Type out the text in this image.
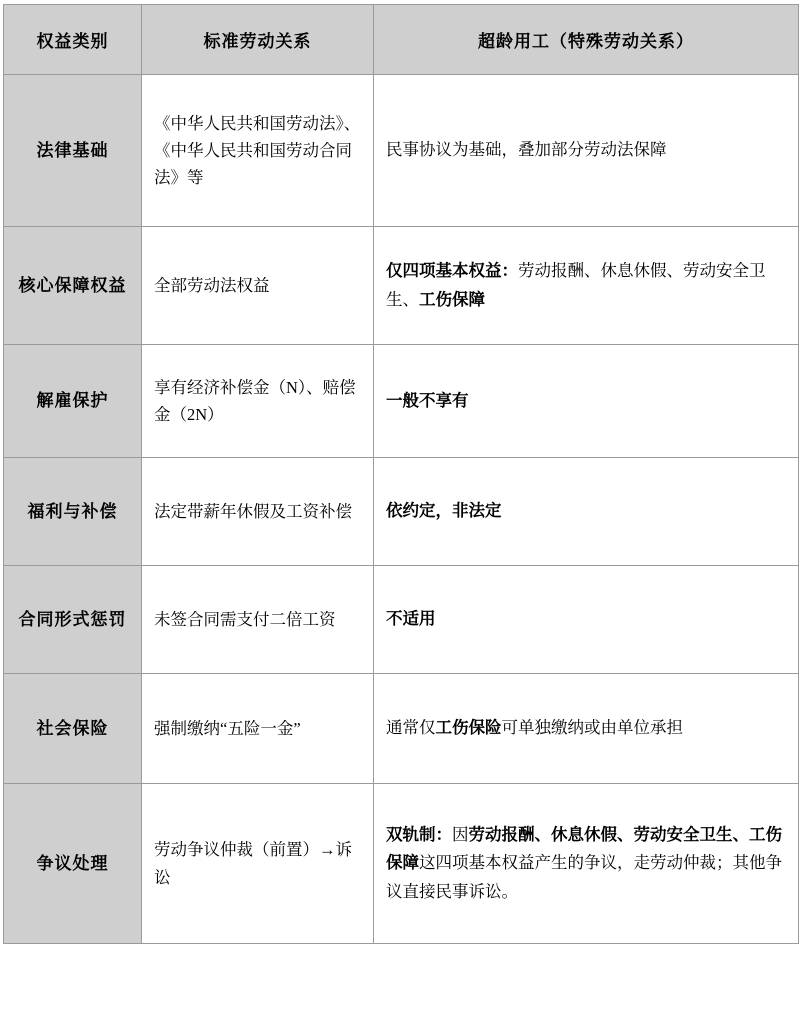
权益类别	标准劳动关系	超龄用工（特殊劳动关系）
法律基础	《中华人民共和国劳动法》、《中华人民共和国劳动合同法》等	民事协议为基础，叠加部分劳动法保障
核心保障权益	全部劳动法权益	仅四项基本权益：劳动报酬、休息休假、劳动安全卫生、工伤保障
解雇保护	享有经济补偿金（N）、赔偿金（2N）	一般不享有
福利与补偿	法定带薪年休假及工资补偿	依约定，非法定
合同形式惩罚	未签合同需支付二倍工资	不适用
社会保险	强制缴纳“五险一金”	通常仅工伤保险可单独缴纳或由单位承担
争议处理	劳动争议仲裁（前置）→诉讼	双轨制：因劳动报酬、休息休假、劳动安全卫生、工伤保障这四项基本权益产生的争议，走劳动仲裁；其他争议直接民事诉讼。
